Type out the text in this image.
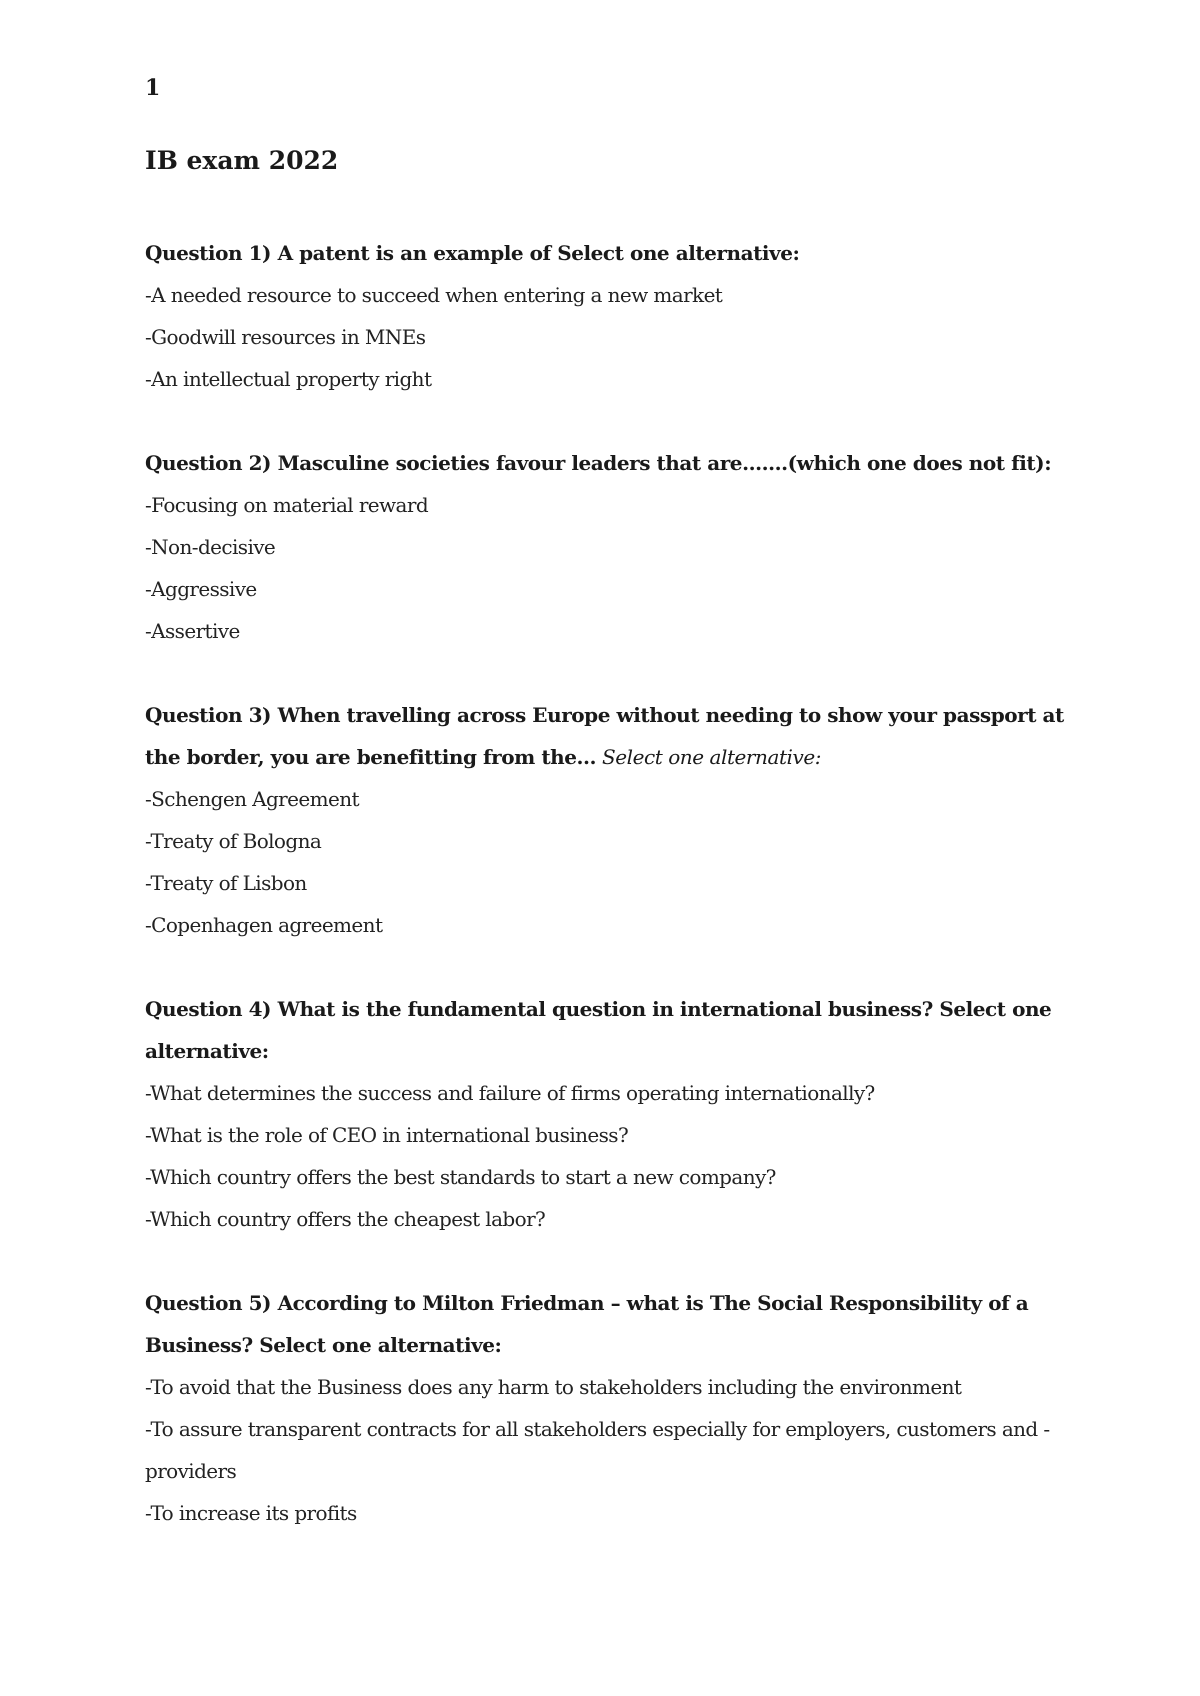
1
IB exam 2022

Question 1) A patent is an example of Select one alternative:

-A needed resource to succeed when entering a new market
-Goodwill resources in MNEs
-An intellectual property right

Question 2) Masculine societies favour leaders that are.......(which one does not fit):

-Focusing on material reward
-Non-decisive
-Aggressive
-Assertive

Question 3) When travelling across Europe without needing to show your passport at the border, you are benefitting from the… Select one alternative:

-Schengen Agreement
-Treaty of Bologna
-Treaty of Lisbon
-Copenhagen agreement

Question 4) What is the fundamental question in international business? Select one alternative:

-What determines the success and failure of firms operating internationally?
-What is the role of CEO in international business?
-Which country offers the best standards to start a new company?
-Which country offers the cheapest labor?

Question 5) According to Milton Friedman – what is The Social Responsibility of a Business? Select one alternative:

-To avoid that the Business does any harm to stakeholders including the environment
-To assure transparent contracts for all stakeholders especially for employers, customers and - providers
-To increase its profits
